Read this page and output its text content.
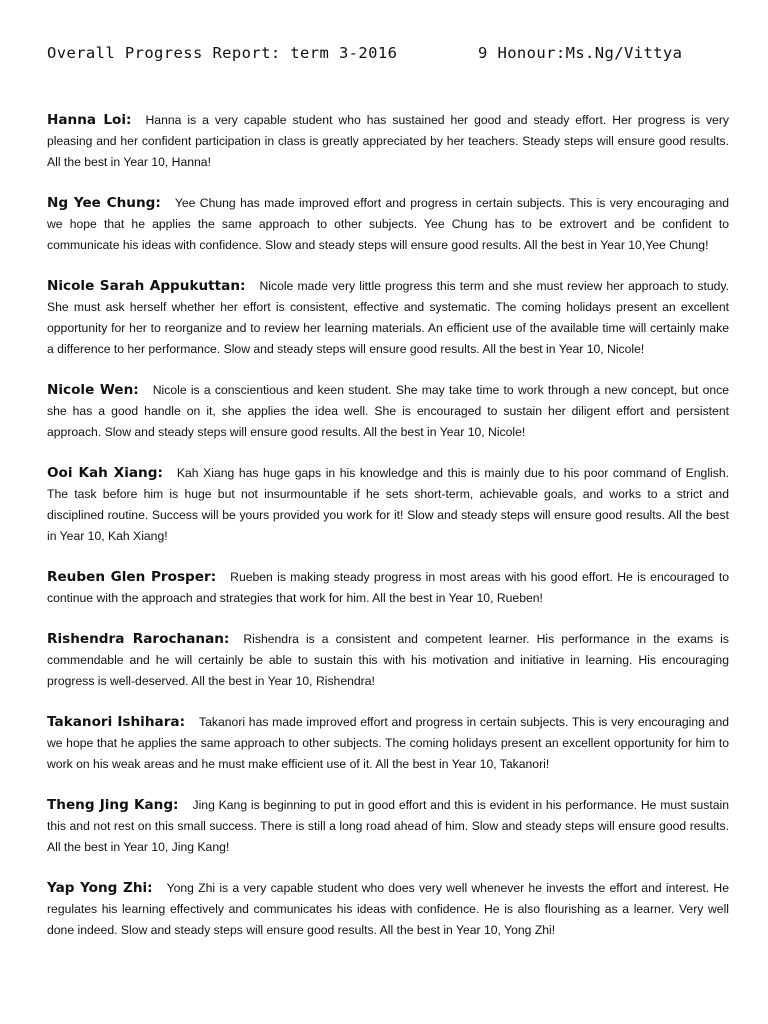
Overall Progress Report: term 3-2016	9 Honour:Ms.Ng/Vittya

Hanna Loi: Hanna is a very capable student who has sustained her good and steady effort. Her progress is very pleasing and her confident participation in class is greatly appreciated by her teachers. Steady steps will ensure good results. All the best in Year 10, Hanna!

Ng Yee Chung: Yee Chung has made improved effort and progress in certain subjects. This is very encouraging and we hope that he applies the same approach to other subjects. Yee Chung has to be extrovert and be confident to communicate his ideas with confidence. Slow and steady steps will ensure good results. All the best in Year 10,Yee Chung!

Nicole Sarah Appukuttan: Nicole made very little progress this term and she must review her approach to study. She must ask herself whether her effort is consistent, effective and systematic. The coming holidays present an excellent opportunity for her to reorganize and to review her learning materials. An efficient use of the available time will certainly make a difference to her performance. Slow and steady steps will ensure good results. All the best in Year 10, Nicole!

Nicole Wen: Nicole is a conscientious and keen student. She may take time to work through a new concept, but once she has a good handle on it, she applies the idea well. She is encouraged to sustain her diligent effort and persistent approach. Slow and steady steps will ensure good results. All the best in Year 10, Nicole!

Ooi Kah Xiang: Kah Xiang has huge gaps in his knowledge and this is mainly due to his poor command of English. The task before him is huge but not insurmountable if he sets short-term, achievable goals, and works to a strict and disciplined routine. Success will be yours provided you work for it! Slow and steady steps will ensure good results. All the best in Year 10, Kah Xiang!

Reuben Glen Prosper: Rueben is making steady progress in most areas with his good effort. He is encouraged to continue with the approach and strategies that work for him. All the best in Year 10, Rueben!

Rishendra Rarochanan: Rishendra is a consistent and competent learner. His performance in the exams is commendable and he will certainly be able to sustain this with his motivation and initiative in learning. His encouraging progress is well-deserved. All the best in Year 10, Rishendra!

Takanori Ishihara: Takanori has made improved effort and progress in certain subjects. This is very encouraging and we hope that he applies the same approach to other subjects. The coming holidays present an excellent opportunity for him to work on his weak areas and he must make efficient use of it. All the best in Year 10, Takanori!

Theng Jing Kang: Jing Kang is beginning to put in good effort and this is evident in his performance. He must sustain this and not rest on this small success. There is still a long road ahead of him. Slow and steady steps will ensure good results. All the best in Year 10, Jing Kang!

Yap Yong Zhi: Yong Zhi is a very capable student who does very well whenever he invests the effort and interest. He regulates his learning effectively and communicates his ideas with confidence. He is also flourishing as a learner. Very well done indeed. Slow and steady steps will ensure good results. All the best in Year 10, Yong Zhi!
